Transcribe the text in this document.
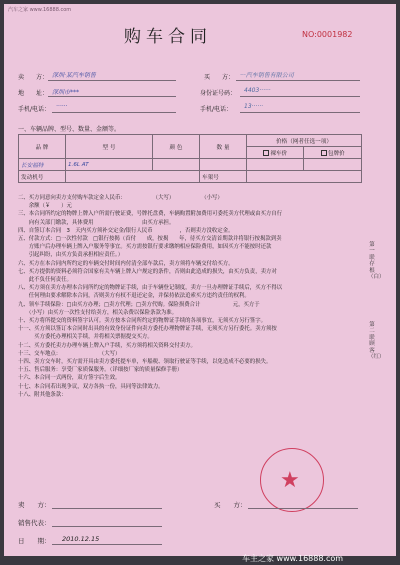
汽车之家 www.16888.com
购车合同	NO:0001982
卖　　方： 深圳·某汽车销售	买　　方： ···汽车销售有限公司
地　　址： 深圳市***	身份证号码： 4403······
手机/电话： ······	手机/电话： 13······
一、车辆品牌、型号、数量、金额等。
品 牌	型 号	颜 色	数 量	价格（网者任选一项）	
				裸车价	包牌价
长安福特	1.6L AT				
发动机号			车架号		
二、买方同意向卖方支付购车款定金人民币：　　　　　　（大写）　　　　　　（小写）
　　余额（￥　　）元
三、本合同所约定的物牌上牌入户所需行驶证费，号牌托盘费，车辆购置附加费用可委托卖方代理或由买方自行
　　向有关部门缴款，具体费用　　　　　　　　　由买方承担。
四、自签订本合同　3　天内买方须补交定金/银行人民币　　　　　，否则卖方没收定金。
五、付款方式：□一次性付款　□银行按揭（首付　　成，按揭　　年，待买方交清首期款并将银行按揭款到卖
　　方账户后办理车辆上牌入户服务等事宜。买方需按银行要求缴纳相应保险费用，如因买方不能按时还款
　　引起纠纷，由买方负责承担相应责任。）
六、买方在本合同内所约定的车辆交付时间内付清全部车款后，卖方须将车辆交付给买方。
七、买方提供的资料必须符合国家有关车辆上牌入户规定的条件，否则由此造成的损失，由买方负责，卖方对
　　此不负任何责任。
八、买方须在卖方办理本合同所约定的物牌证手续，由于车辆登记制度，卖方一旦办理牌证手续后，买方不得以
　　任何理由要求解除本合同，否则卖方有权不退还定金，并保持依法追索买方违约责任的权利。
九、领车手续保险：□由买方办理；□卖方代理；□卖方代购。保险损费合计　　　　　　元，买方于　　　
　　（小写）由买方一次性支付给卖方，相关杂费以保险条款为准。
十、买方将所提交的资料签字认可。卖方按本合同所约定的物牌证手续的各项事宜，无须买方另行签字。
十一、买方须以签订本合同时出具的有效身份证件向卖方委托办理物牌证手续，无须买方另行委托。卖方须按
　　　买方委托办理相关手续，并将相关票据提交买方。
十二、买方委托卖方办理车辆上牌入户手续，买方须将相关资料交付卖方。
十三、交车地点：　　　　　　　　（大写）
十四、卖方交车时，买方需开具由卖方委托提车单，车船税、领取行驶证等手续，以免造成不必要的损失。
十五、售后服务：享受厂家质保服务。（详细按厂家的质量保修手册）
十六、本合同一式两份，双方签字后生效。
十七、本合同若出现争议，双方各执一份，具同等法律效力。
十八、附其他条款：　　　　　　　　　　　　　　　　　　　　　
第一联 存根（白）
第二联 顾客（红）
★
卖　　方：	买　　方：
销售代表：
日　　期： 2010.12.15
车主之家 www.16888.com
